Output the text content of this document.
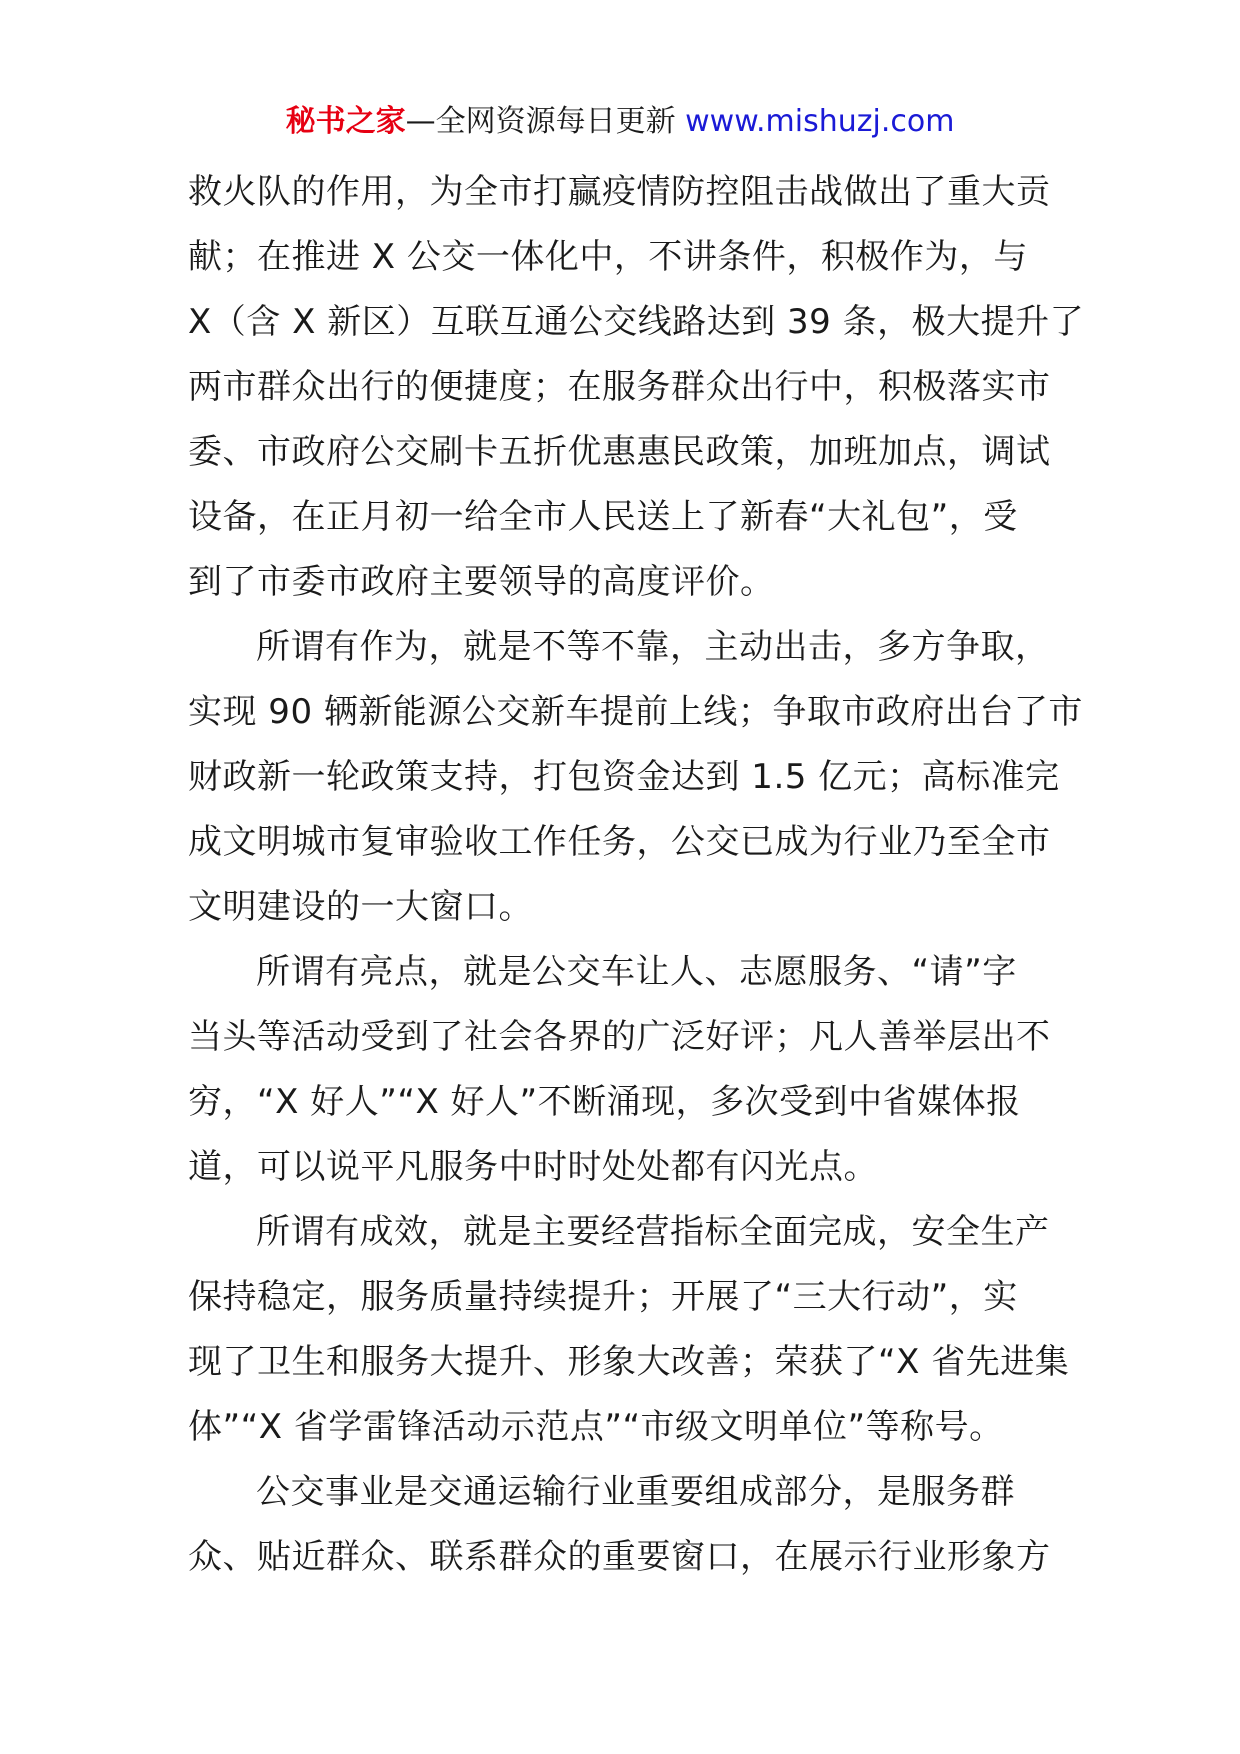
秘书之家—全网资源每日更新 www.mishuzj.com
救火队的作用，为全市打赢疫情防控阻击战做出了重大贡
献；在推进 X 公交一体化中，不讲条件，积极作为，与
X（含 X 新区）互联互通公交线路达到 39 条，极大提升了
两市群众出行的便捷度；在服务群众出行中，积极落实市
委、市政府公交刷卡五折优惠惠民政策，加班加点，调试
设备，在正月初一给全市人民送上了新春“大礼包”，受
到了市委市政府主要领导的高度评价。
所谓有作为，就是不等不靠，主动出击，多方争取，
实现 90 辆新能源公交新车提前上线；争取市政府出台了市
财政新一轮政策支持，打包资金达到 1.5 亿元；高标准完
成文明城市复审验收工作任务，公交已成为行业乃至全市
文明建设的一大窗口。
所谓有亮点，就是公交车让人、志愿服务、“请”字
当头等活动受到了社会各界的广泛好评；凡人善举层出不
穷，“X 好人”“X 好人”不断涌现，多次受到中省媒体报
道，可以说平凡服务中时时处处都有闪光点。
所谓有成效，就是主要经营指标全面完成，安全生产
保持稳定，服务质量持续提升；开展了“三大行动”，实
现了卫生和服务大提升、形象大改善；荣获了“X 省先进集
体”“X 省学雷锋活动示范点”“市级文明单位”等称号。
公交事业是交通运输行业重要组成部分，是服务群
众、贴近群众、联系群众的重要窗口，在展示行业形象方
